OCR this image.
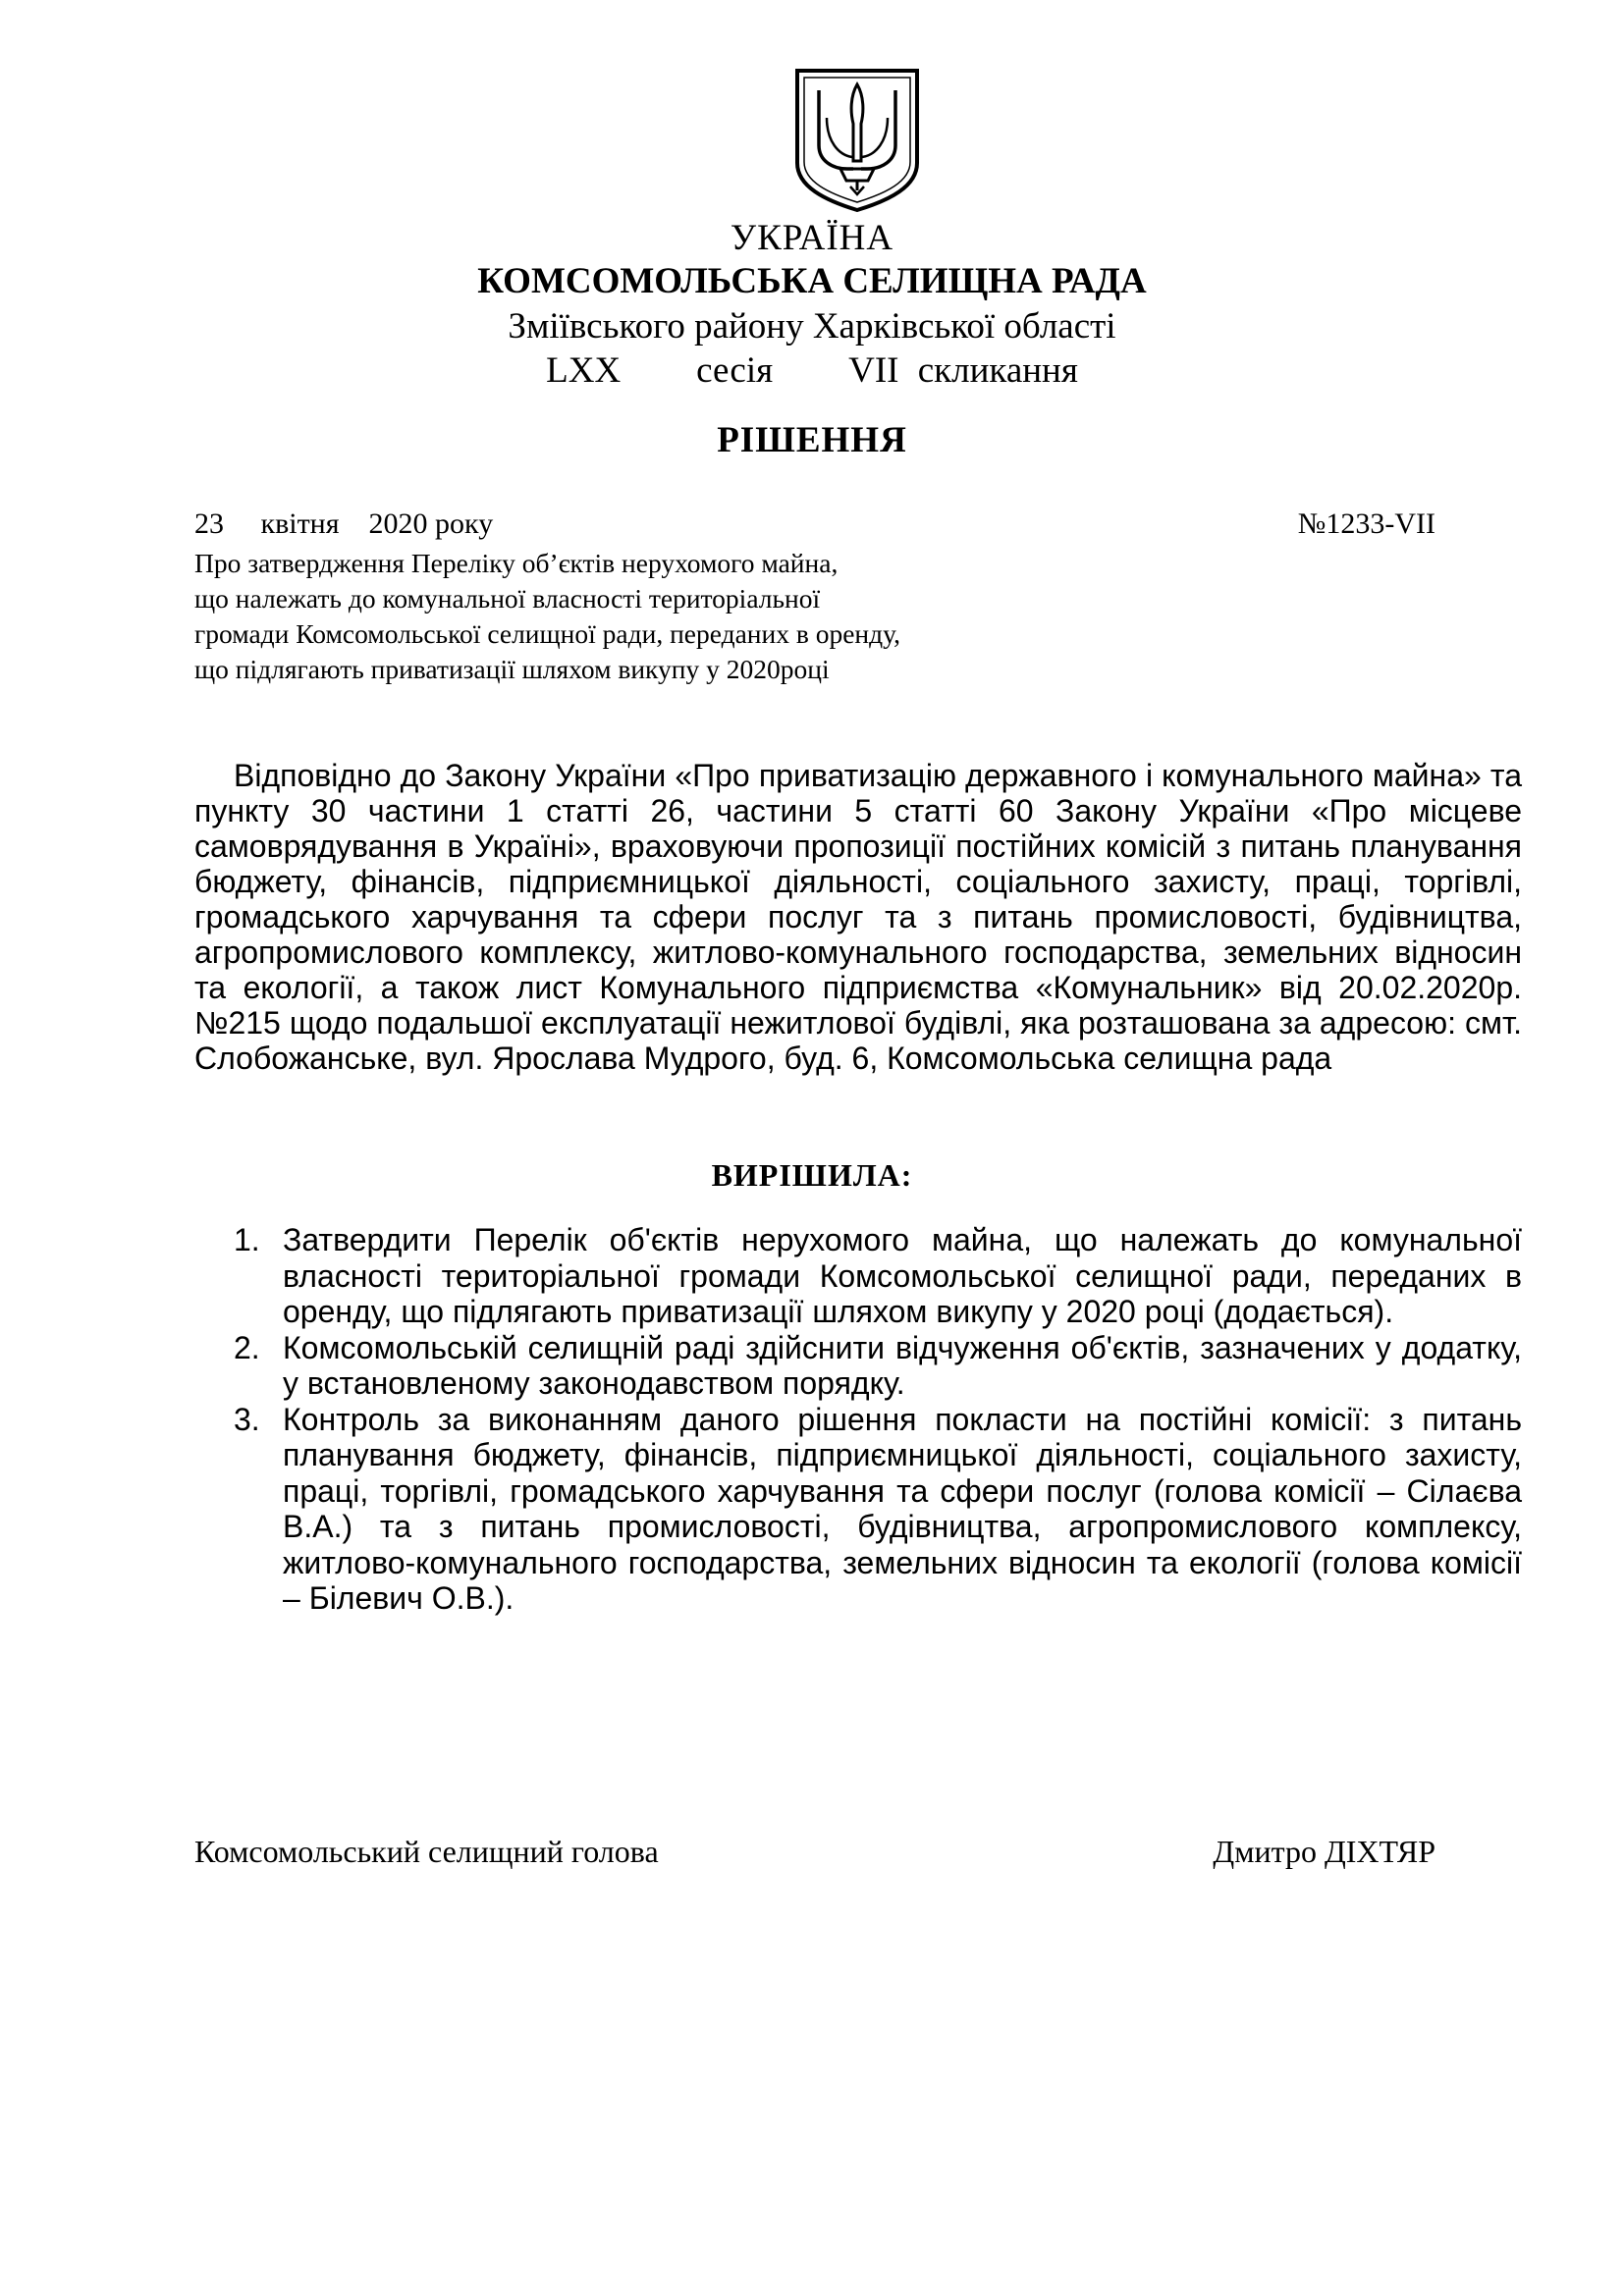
УКРАЇНА
КОМСОМОЛЬСЬКА СЕЛИЩНА РАДА
Зміївського району Харківської області
LXX    сесія    VII скликання
РІШЕННЯ
23     квітня    2020 року	№1233-VII
Про затвердження Переліку об’єктів нерухомого майна,
що належать до комунальної власності територіальної
громади Комсомольської селищної ради, переданих в оренду,
що підлягають приватизації шляхом викупу у 2020році

Відповідно до Закону України «Про приватизацію державного і комунального майна» та пункту 30 частини 1 статті 26, частини 5 статті 60 Закону України «Про місцеве самоврядування в Україні», враховуючи пропозиції постійних комісій з питань планування бюджету, фінансів, підприємницької діяльності, соціального захисту, праці, торгівлі, громадського харчування та сфери послуг та з питань промисловості, будівництва, агропромислового комплексу, житлово-комунального господарства, земельних відносин та екології, а також лист Комунального підприємства «Комунальник» від 20.02.2020р. №215 щодо подальшої експлуатації нежитлової будівлі, яка розташована за адресою: смт. Слобожанське, вул. Ярослава Мудрого, буд. 6, Комсомольська селищна рада

ВИРІШИЛА:
1. Затвердити Перелік об'єктів нерухомого майна, що належать до комунальної власності територіальної громади Комсомольської селищної ради, переданих в оренду, що підлягають приватизації шляхом викупу у 2020 році (додається).
2. Комсомольській селищній раді здійснити відчуження об'єктів, зазначених у додатку, у встановленому законодавством порядку.
3. Контроль за виконанням даного рішення покласти на постійні комісії: з питань планування бюджету, фінансів, підприємницької діяльності, соціального захисту, праці, торгівлі, громадського харчування та сфери послуг (голова комісії – Сілаєва В.А.) та з питань промисловості, будівництва, агропромислового комплексу, житлово-комунального господарства, земельних відносин та екології (голова комісії – Білевич О.В.).
Комсомольський селищний голова	Дмитро ДІХТЯР
